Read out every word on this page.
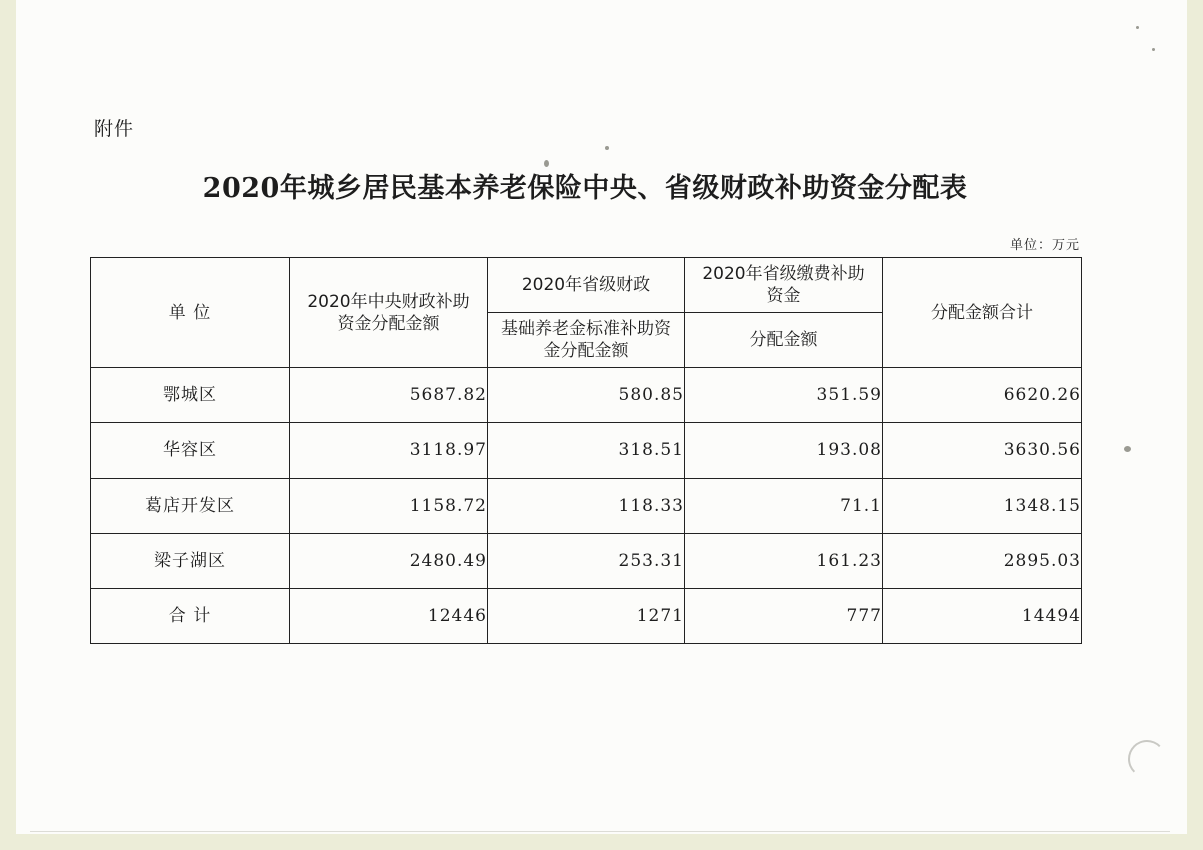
附件
2020年城乡居民基本养老保险中央、省级财政补助资金分配表
单位：万元
单 位	2020年中央财政补助资金分配金额	2020年省级财政	2020年省级缴费补助资金	分配金额合计
		基础养老金标准补助资金分配金额	分配金额	
鄂城区	5687.82	580.85	351.59	6620.26
华容区	3118.97	318.51	193.08	3630.56
葛店开发区	1158.72	118.33	71.1	1348.15
梁子湖区	2480.49	253.31	161.23	2895.03
合 计	12446	1271	777	14494
